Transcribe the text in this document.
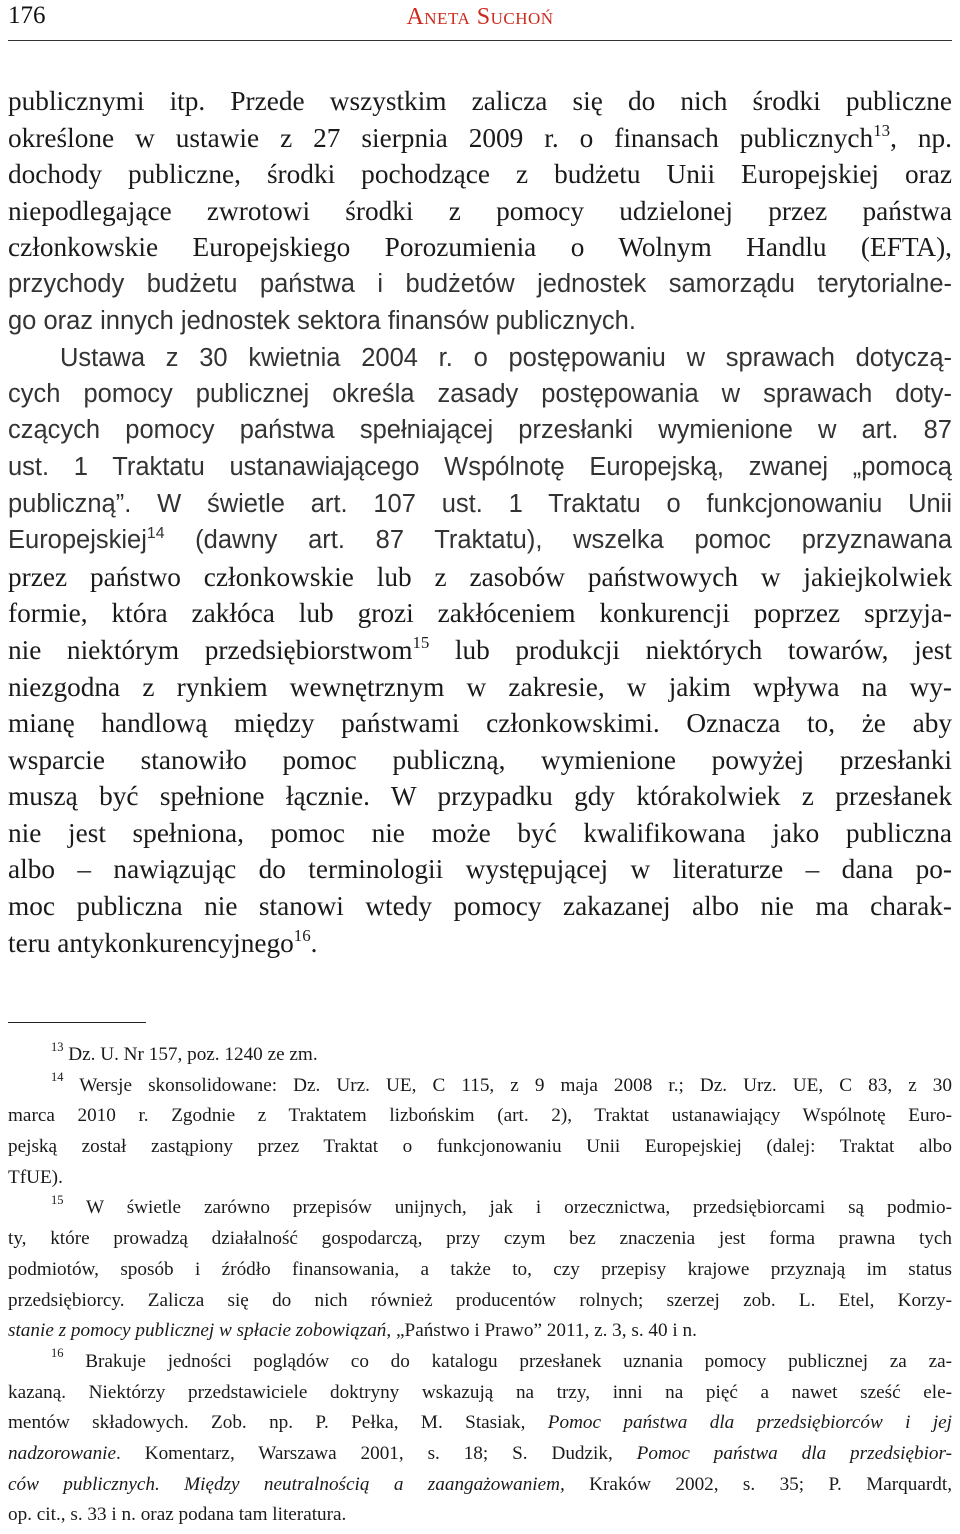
176	Aneta Suchoń
publicznymi itp. Przede wszystkim zalicza się do nich środki publiczne
określone w ustawie z 27 sierpnia 2009 r. o finansach publicznych$^{13}$, np.
dochody publiczne, środki pochodzące z budżetu Unii Europejskiej oraz
niepodlegające zwrotowi środki z pomocy udzielonej przez państwa
członkowskie Europejskiego Porozumienia o Wolnym Handlu (EFTA),
przychody budżetu państwa i budżetów jednostek samorządu terytorialne-
go oraz innych jednostek sektora finansów publicznych.
Ustawa z 30 kwietnia 2004 r. o postępowaniu w sprawach dotyczą-
cych pomocy publicznej określa zasady postępowania w sprawach doty-
czących pomocy państwa spełniającej przesłanki wymienione w art. 87
ust. 1 Traktatu ustanawiającego Wspólnotę Europejską, zwanej „pomocą
publiczną”. W świetle art. 107 ust. 1 Traktatu o funkcjonowaniu Unii
Europejskiej$^{14}$ (dawny art. 87 Traktatu), wszelka pomoc przyznawana
przez państwo członkowskie lub z zasobów państwowych w jakiejkolwiek
formie, która zakłóca lub grozi zakłóceniem konkurencji poprzez sprzyja-
nie niektórym przedsiębiorstwom$^{15}$ lub produkcji niektórych towarów, jest
niezgodna z rynkiem wewnętrznym w zakresie, w jakim wpływa na wy-
mianę handlową między państwami członkowskimi. Oznacza to, że aby
wsparcie stanowiło pomoc publiczną, wymienione powyżej przesłanki
muszą być spełnione łącznie. W przypadku gdy którakolwiek z przesłanek
nie jest spełniona, pomoc nie może być kwalifikowana jako publiczna
albo – nawiązując do terminologii występującej w literaturze – dana po-
moc publiczna nie stanowi wtedy pomocy zakazanej albo nie ma charak-
teru antykonkurencyjnego$^{16}$.
$^{13}$ Dz. U. Nr 157, poz. 1240 ze zm.
$^{14}$ Wersje skonsolidowane: Dz. Urz. UE, C 115, z 9 maja 2008 r.; Dz. Urz. UE, C 83, z 30
marca 2010 r. Zgodnie z Traktatem lizbońskim (art. 2), Traktat ustanawiający Wspólnotę Euro-
pejską został zastąpiony przez Traktat o funkcjonowaniu Unii Europejskiej (dalej: Traktat albo
TfUE).
$^{15}$ W świetle zarówno przepisów unijnych, jak i orzecznictwa, przedsiębiorcami są podmio-
ty, które prowadzą działalność gospodarczą, przy czym bez znaczenia jest forma prawna tych
podmiotów, sposób i źródło finansowania, a także to, czy przepisy krajowe przyznają im status
przedsiębiorcy. Zalicza się do nich również producentów rolnych; szerzej zob. L. Etel, Korzy-
stanie z pomocy publicznej w spłacie zobowiązań, „Państwo i Prawo” 2011, z. 3, s. 40 i n.
$^{16}$ Brakuje jedności poglądów co do katalogu przesłanek uznania pomocy publicznej za za-
kazaną. Niektórzy przedstawiciele doktryny wskazują na trzy, inni na pięć a nawet sześć ele-
mentów składowych. Zob. np. P. Pełka, M. Stasiak, Pomoc państwa dla przedsiębiorców i jej
nadzorowanie. Komentarz, Warszawa 2001, s. 18; S. Dudzik, Pomoc państwa dla przedsiębior-
ców publicznych. Między neutralnością a zaangażowaniem, Kraków 2002, s. 35; P. Marquardt,
op. cit., s. 33 i n. oraz podana tam literatura.
